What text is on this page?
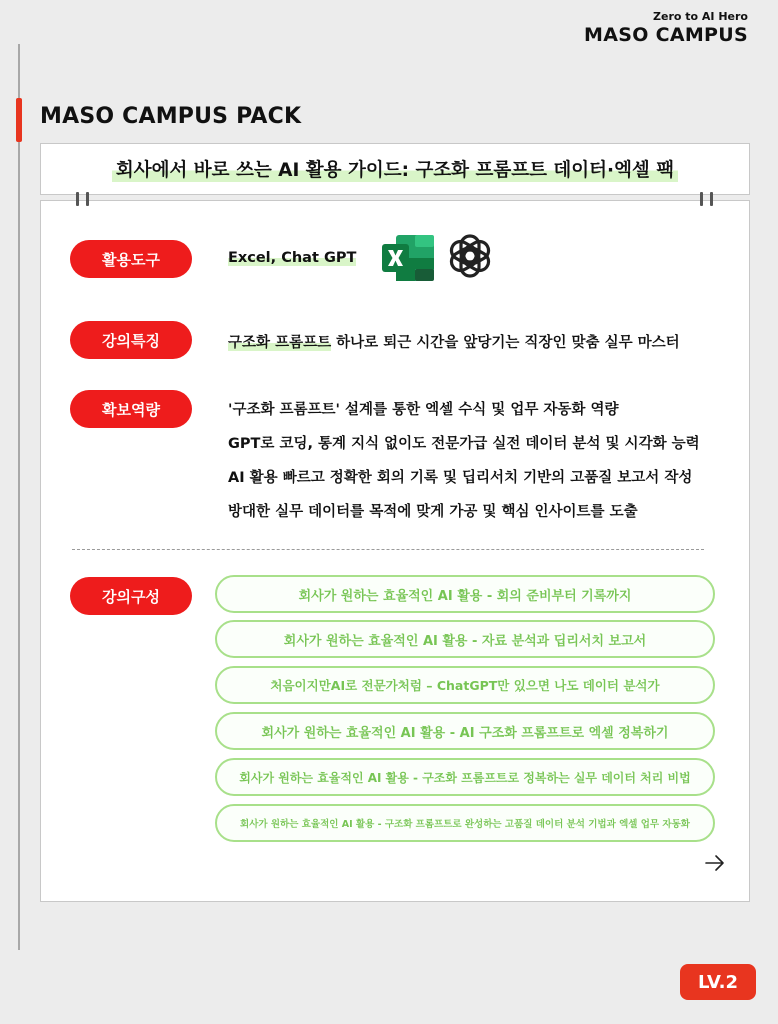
Zero to AI Hero
MASO CAMPUS
MASO CAMPUS PACK
회사에서 바로 쓰는 AI 활용 가이드: 구조화 프롬프트 데이터·엑셀 팩
활용도구	Excel, Chat GPT
강의특징	구조화 프롬프트 하나로 퇴근 시간을 앞당기는 직장인 맞춤 실무 마스터
확보역량	'구조화 프롬프트' 설계를 통한 엑셀 수식 및 업무 자동화 역량
GPT로 코딩, 통계 지식 없이도 전문가급 실전 데이터 분석 및 시각화 능력
AI 활용 빠르고 정확한 회의 기록 및 딥리서치 기반의 고품질 보고서 작성
방대한 실무 데이터를 목적에 맞게 가공 및 핵심 인사이트를 도출
강의구성	회사가 원하는 효율적인 AI 활용 - 회의 준비부터 기록까지
회사가 원하는 효율적인 AI 활용 - 자료 분석과 딥리서치 보고서
처음이지만AI로 전문가처럼 – ChatGPT만 있으면 나도 데이터 분석가
회사가 원하는 효율적인 AI 활용 - AI 구조화 프롬프트로 엑셀 정복하기
회사가 원하는 효율적인 AI 활용 - 구조화 프롬프트로 정복하는 실무 데이터 처리 비법
회사가 원하는 효율적인 AI 활용 - 구조화 프롬프트로 완성하는 고품질 데이터 분석 기법과 엑셀 업무 자동화
LV.2
